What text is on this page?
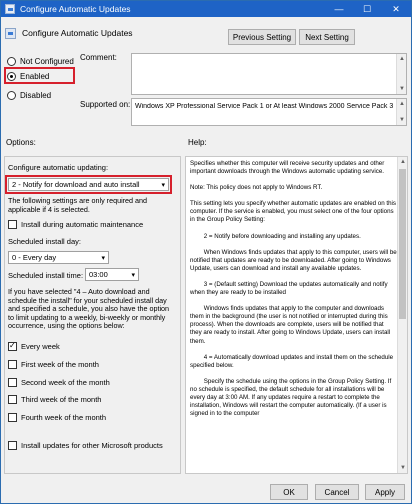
Configure Automatic Updates	—	☐	✕
Configure Automatic Updates	Previous Setting	Next Setting
Not Configured
Enabled
Disabled
Comment:	▲
▼
Supported on: Windows XP Professional Service Pack 1 or At least Windows 2000 Service Pack 3 ▲
▼
Options:	Help:
Configure automatic updating:
2 - Notify for download and auto install	▾
The following settings are only required and applicable if 4 is selected.
Install during automatic maintenance
Scheduled install day:
0 - Every day	▾
Scheduled install time: 03:00	▾
If you have selected "4 – Auto download and schedule the install" for your scheduled install day and specified a schedule, you also have the option to limit updating to a weekly, bi-weekly or monthly occurrence, using the options below:
✓
Every week
First week of the month
Second week of the month
Third week of the month
Fourth week of the month
Install updates for other Microsoft products

Specifies whether this computer will receive security updates and other important downloads through the Windows automatic updating service.

Note: This policy does not apply to Windows RT.

This setting lets you specify whether automatic updates are enabled on this computer. If the service is enabled, you must select one of the four options in the Group Policy Setting:

2 = Notify before downloading and installing any updates.

When Windows finds updates that apply to this computer, users will be notified that updates are ready to be downloaded. After going to Windows Update, users can download and install any available updates.

3 = (Default setting) Download the updates automatically and notify when they are ready to be installed

Windows finds updates that apply to the computer and downloads them in the background (the user is not notified or interrupted during this process). When the downloads are complete, users will be notified that they are ready to install. After going to Windows Update, users can install them.

4 = Automatically download updates and install them on the schedule specified below.

Specify the schedule using the options in the Group Policy Setting. If no schedule is specified, the default schedule for all installations will be every day at 3:00 AM. If any updates require a restart to complete the installation, Windows will restart the computer automatically. (If a user is signed in to the computer

▲
▼
OK	Cancel	Apply
